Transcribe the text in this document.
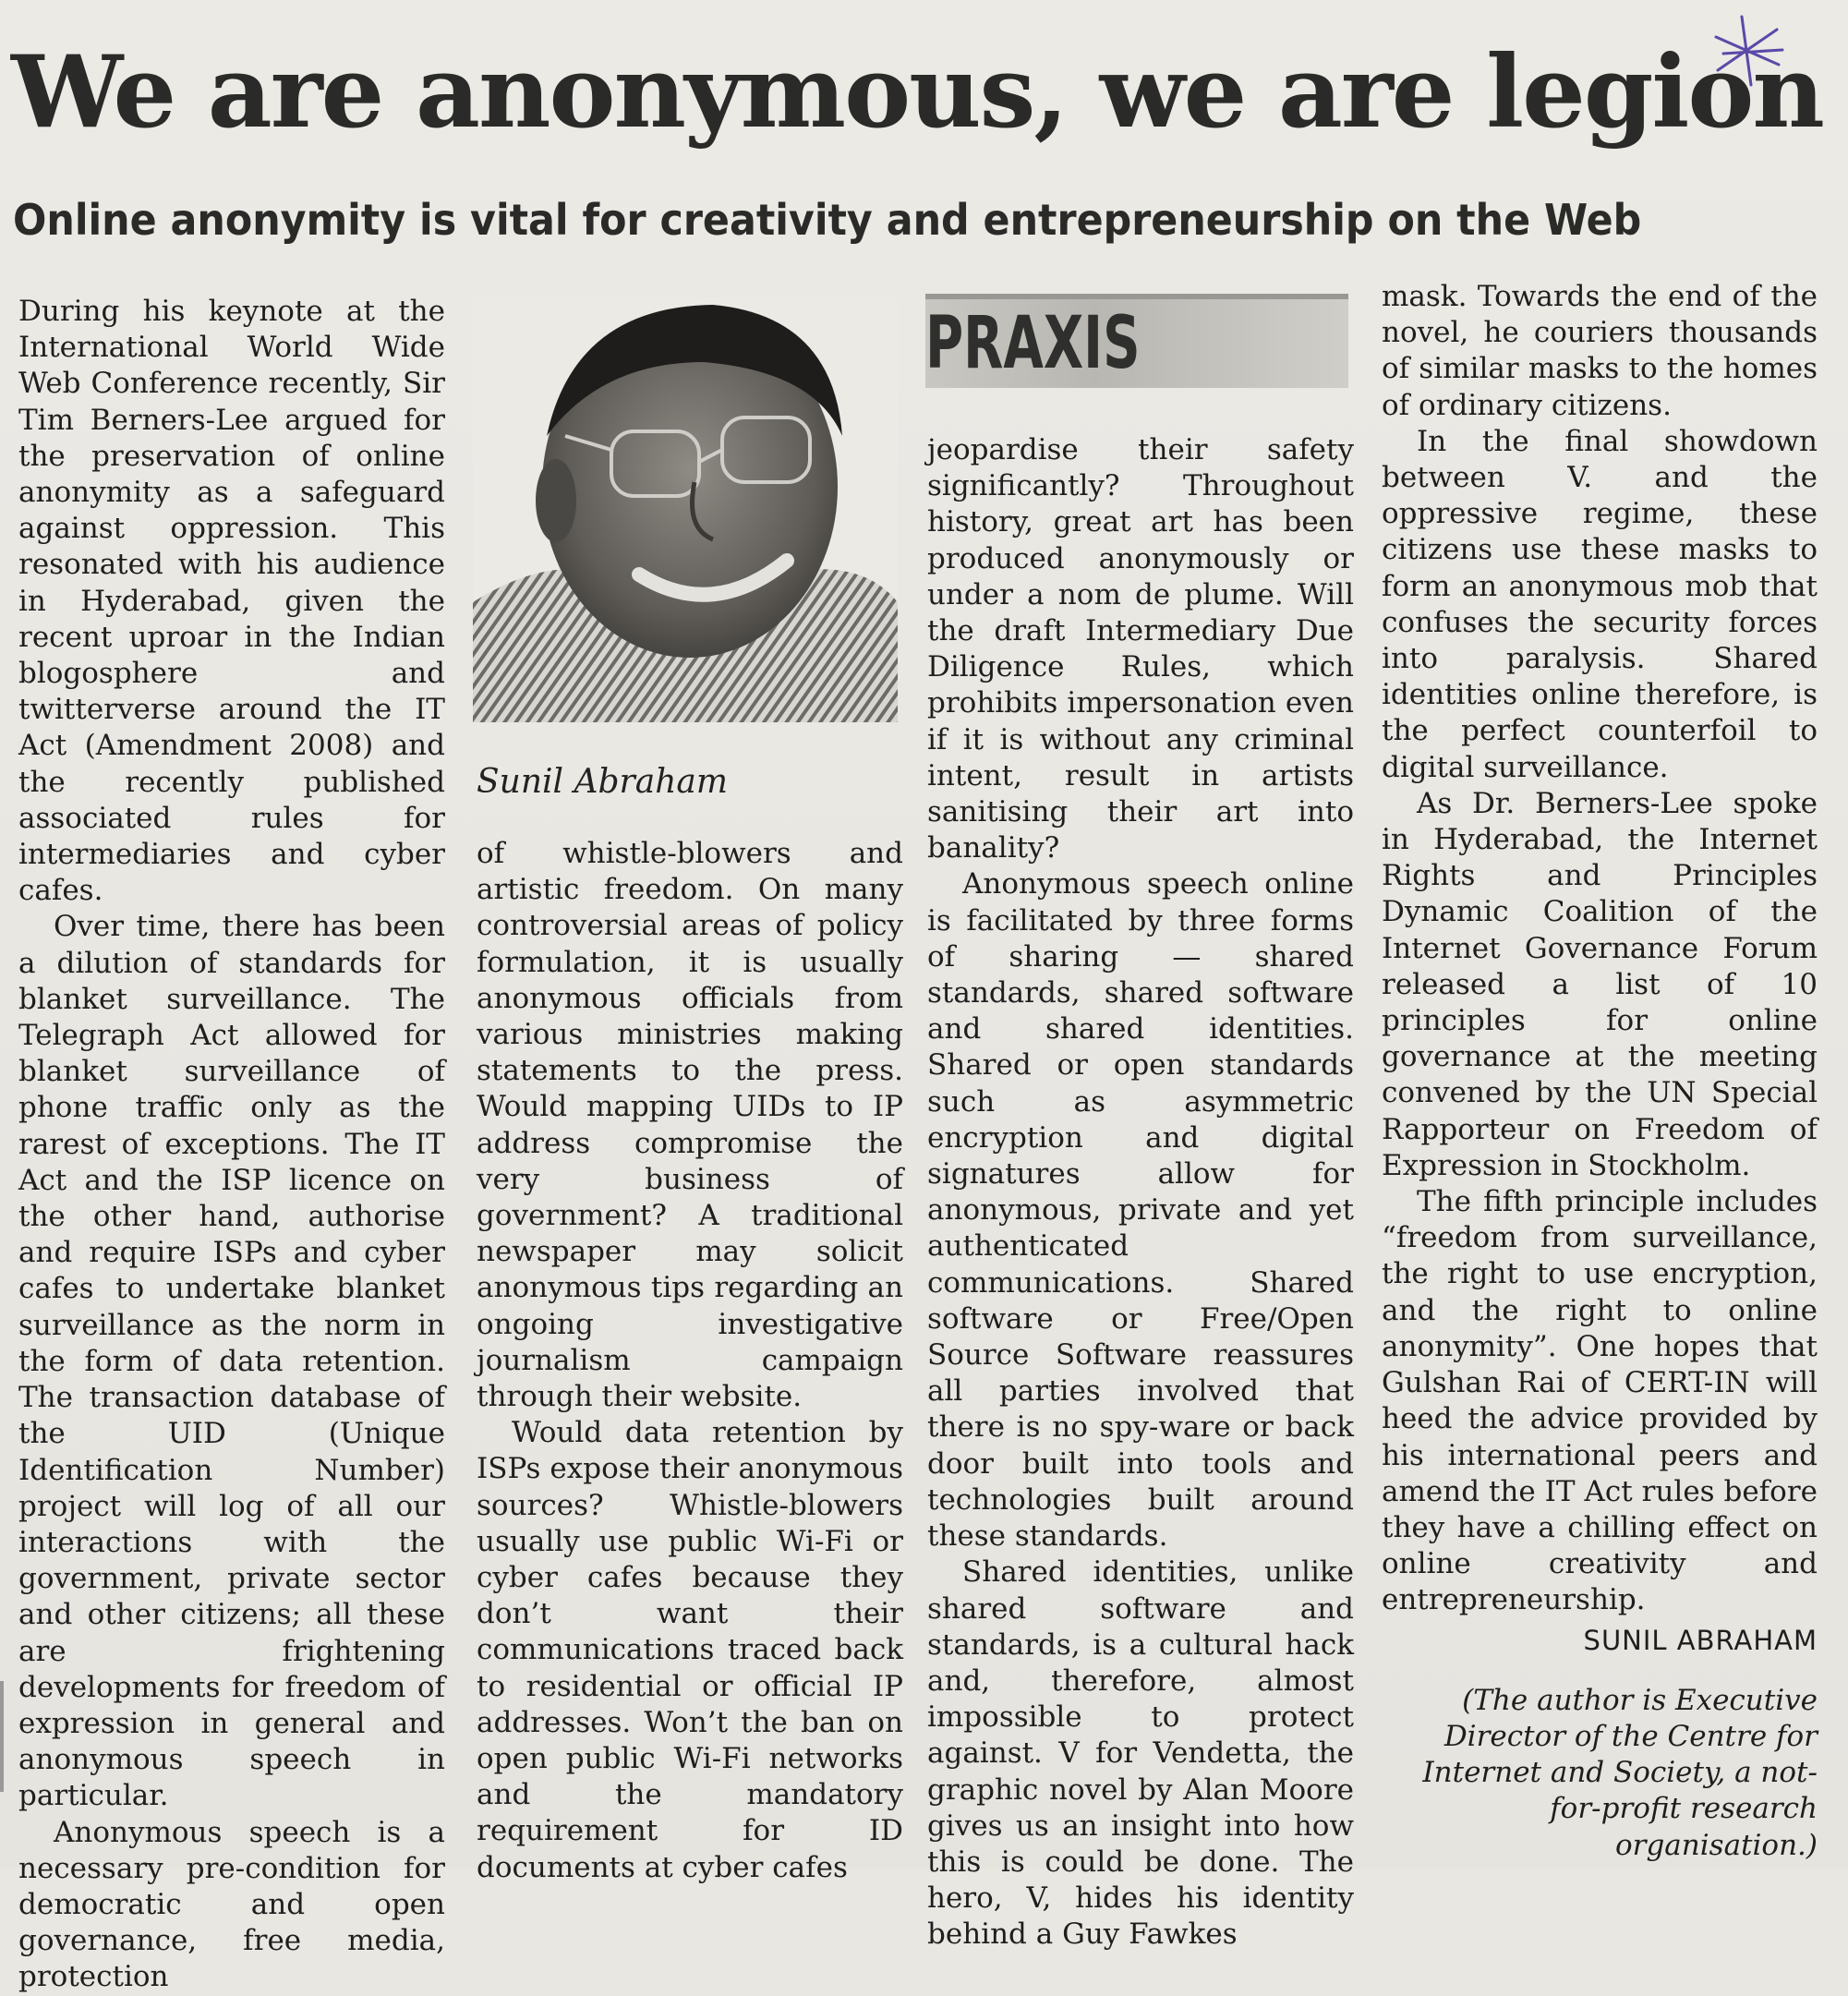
We are anonymous, we are legion
Online anonymity is vital for creativity and entrepreneurship on the Web

During his keynote at the International World Wide Web Conference recently, Sir Tim Berners-Lee argued for the preservation of online anonymity as a safeguard against oppression. This resonated with his audience in Hyderabad, given the recent uproar in the Indian blogosphere and twitterverse around the IT Act (Amendment 2008) and the recently published associated rules for intermediaries and cyber cafes.

Over time, there has been a dilution of standards for blanket surveillance. The Telegraph Act allowed for blanket surveillance of phone traffic only as the rarest of exceptions. The IT Act and the ISP licence on the other hand, authorise and require ISPs and cyber cafes to undertake blanket surveillance as the norm in the form of data retention. The transaction database of the UID (Unique Identification Number) project will log of all our interactions with the government, private sector and other citizens; all these are frightening developments for freedom of expression in general and anonymous speech in particular.

Anonymous speech is a necessary pre-condition for democratic and open governance, free media, protection

Sunil Abraham

of whistle-blowers and artistic freedom. On many controversial areas of policy formulation, it is usually anonymous officials from various ministries making statements to the press. Would mapping UIDs to IP address compromise the very business of government? A traditional newspaper may solicit anonymous tips regarding an ongoing investigative journalism campaign through their website.

Would data retention by ISPs expose their anonymous sources? Whistle-blowers usually use public Wi-Fi or cyber cafes because they don’t want their communications traced back to residential or official IP addresses. Won’t the ban on open public Wi-Fi networks and the mandatory requirement for ID documents at cyber cafes

PRAXIS

jeopardise their safety significantly? Throughout history, great art has been produced anonymously or under a nom de plume. Will the draft Intermediary Due Diligence Rules, which prohibits impersonation even if it is without any criminal intent, result in artists sanitising their art into banality?

Anonymous speech online is facilitated by three forms of sharing — shared standards, shared software and shared identities. Shared or open standards such as asymmetric encryption and digital signatures allow for anonymous, private and yet authenticated communications. Shared software or Free/Open Source Software reassures all parties involved that there is no spy-ware or back door built into tools and technologies built around these standards.

Shared identities, unlike shared software and standards, is a cultural hack and, therefore, almost impossible to protect against. V for Vendetta, the graphic novel by Alan Moore gives us an insight into how this is could be done. The hero, V, hides his identity behind a Guy Fawkes

mask. Towards the end of the novel, he couriers thousands of similar masks to the homes of ordinary citizens.

In the final showdown between V. and the oppressive regime, these citizens use these masks to form an anonymous mob that confuses the security forces into paralysis. Shared identities online therefore, is the perfect counterfoil to digital surveillance.

As Dr. Berners-Lee spoke in Hyderabad, the Internet Rights and Principles Dynamic Coalition of the Internet Governance Forum released a list of 10 principles for online governance at the meeting convened by the UN Special Rapporteur on Freedom of Expression in Stockholm.

The fifth principle includes “freedom from surveillance, the right to use encryption, and the right to online anonymity”. One hopes that Gulshan Rai of CERT-IN will heed the advice provided by his international peers and amend the IT Act rules before they have a chilling effect on online creativity and entrepreneurship.

SUNIL ABRAHAM
(The author is Executive Director of the Centre for Internet and Society, a not-for-profit research organisation.)
